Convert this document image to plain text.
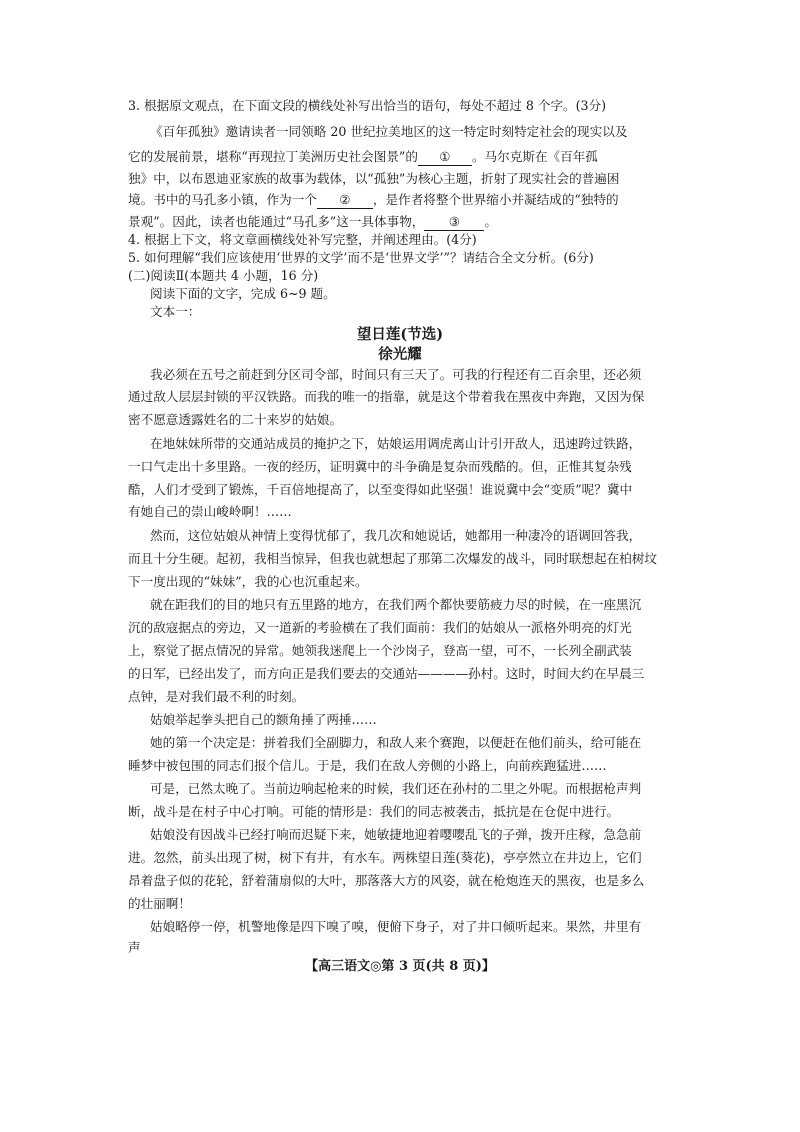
3. 根据原文观点，在下面文段的横线处补写出恰当的语句，每处不超过 8 个字。(3分)
《百年孤独》邀请读者一同领略 20 世纪拉美地区的这一特定时刻特定社会的现实以及
它的发展前景，堪称“再现拉丁美洲历史社会图景”的 ① 。马尔克斯在《百年孤
独》中，以布恩迪亚家族的故事为载体，以“孤独”为核心主题，折射了现实社会的普遍困
境。书中的马孔多小镇，作为一个 ② ，是作者将整个世界缩小并凝结成的“独特的
景观”。因此，读者也能通过“马孔多”这一具体事物， ③ 。
4. 根据上下文，将文章画横线处补写完整，并阐述理由。(4分)
5. 如何理解“我们应该使用‘世界的文学’而不是‘世界文学’”？请结合全文分析。(6分)
(二)阅读Ⅱ(本题共 4 小题，16 分)
阅读下面的文字，完成 6~9 题。
文本一：
望日莲(节选)
徐光耀
我必须在五号之前赶到分区司令部，时间只有三天了。可我的行程还有二百余里，还必须
通过敌人层层封锁的平汉铁路。而我的唯一的指靠，就是这个带着我在黑夜中奔跑，又因为保
密不愿意透露姓名的二十来岁的姑娘。
在地妹妹所带的交通站成员的掩护之下，姑娘运用调虎离山计引开敌人，迅速跨过铁路，
一口气走出十多里路。一夜的经历，证明冀中的斗争确是复杂而残酷的。但，正惟其复杂残
酷，人们才受到了锻炼，千百倍地提高了，以至变得如此坚强！谁说冀中会“变质”呢？冀中
有她自己的崇山峻岭啊！……
然而，这位姑娘从神情上变得忧郁了，我几次和她说话，她都用一种凄冷的语调回答我，
而且十分生硬。起初，我相当惊异，但我也就想起了那第二次爆发的战斗，同时联想起在柏树坟
下一度出现的“妹妹”，我的心也沉重起来。
就在距我们的目的地只有五里路的地方，在我们两个都快要筋疲力尽的时候，在一座黑沉
沉的敌寇据点的旁边，又一道新的考验横在了我们面前：我们的姑娘从一派格外明亮的灯光
上，察觉了据点情况的异常。她领我迷爬上一个沙岗子，登高一望，可不，一长列全副武装
的日军，已经出发了，而方向正是我们要去的交通站————孙村。这时，时间大约在早晨三
点钟，是对我们最不利的时刻。
姑娘举起拳头把自己的额角捶了两捶……
她的第一个决定是：拼着我们全副脚力，和敌人来个赛跑，以便赶在他们前头，给可能在
睡梦中被包围的同志们报个信儿。于是，我们在敌人旁侧的小路上，向前疾跑猛进……
可是，已然太晚了。当前边响起枪来的时候，我们还在孙村的二里之外呢。而根据枪声判
断，战斗是在村子中心打响。可能的情形是：我们的同志被袭击，抵抗是在仓促中进行。
姑娘没有因战斗已经打响而迟疑下来，她敏捷地迎着嘤嘤乱飞的子弹，拨开庄稼，急急前
进。忽然，前头出现了树，树下有井，有水车。两株望日莲(葵花)，亭亭然立在井边上，它们
昂着盘子似的花轮，舒着蒲扇似的大叶，那落落大方的风姿，就在枪炮连天的黑夜，也是多么
的壮丽啊！
姑娘略停一停，机警地像是四下嗅了嗅，便俯下身子，对了井口倾听起来。果然，井里有
声
【高三语文◎第 3 页(共 8 页)】
